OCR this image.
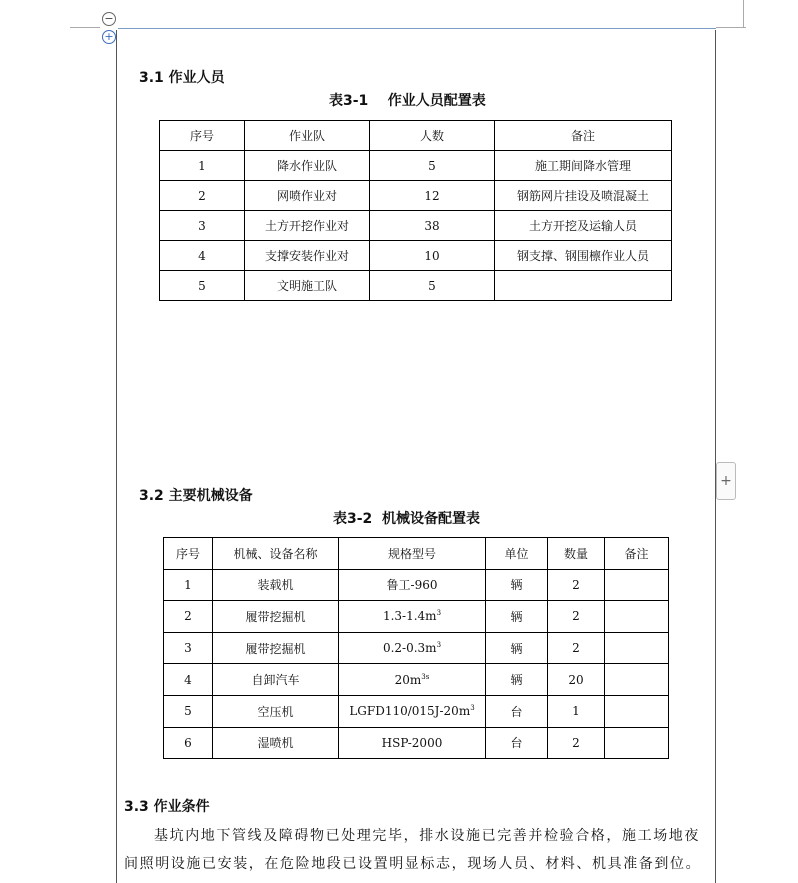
−
+
+
3.1 作业人员
表3-1    作业人员配置表
序号	作业队	人数	备注
1	降水作业队	5	施工期间降水管理
2	网喷作业对	12	钢筋网片挂设及喷混凝土
3	土方开挖作业对	38	土方开挖及运输人员
4	支撑安装作业对	10	钢支撑、钢围檩作业人员
5	文明施工队	5	
3.2 主要机械设备
表3-2  机械设备配置表
序号	机械、设备名称	规格型号	单位	数量	备注
1	装载机	鲁工-960	辆	2	
2	履带挖掘机	$1.3-1.4m^3$	辆	2	
3	履带挖掘机	$0.2-0.3m^3$	辆	2	
4	自卸汽车	$20m^{3s}$	辆	20	
5	空压机	$LGFD110/015J-20m^3$	台	1	
6	湿喷机	HSP-2000	台	2	
3.3 作业条件
基坑内地下管线及障碍物已处理完毕，排水设施已完善并检验合格，施工场地夜间照明设施已安装，在危险地段已设置明显标志，现场人员、材料、机具准备到位。
